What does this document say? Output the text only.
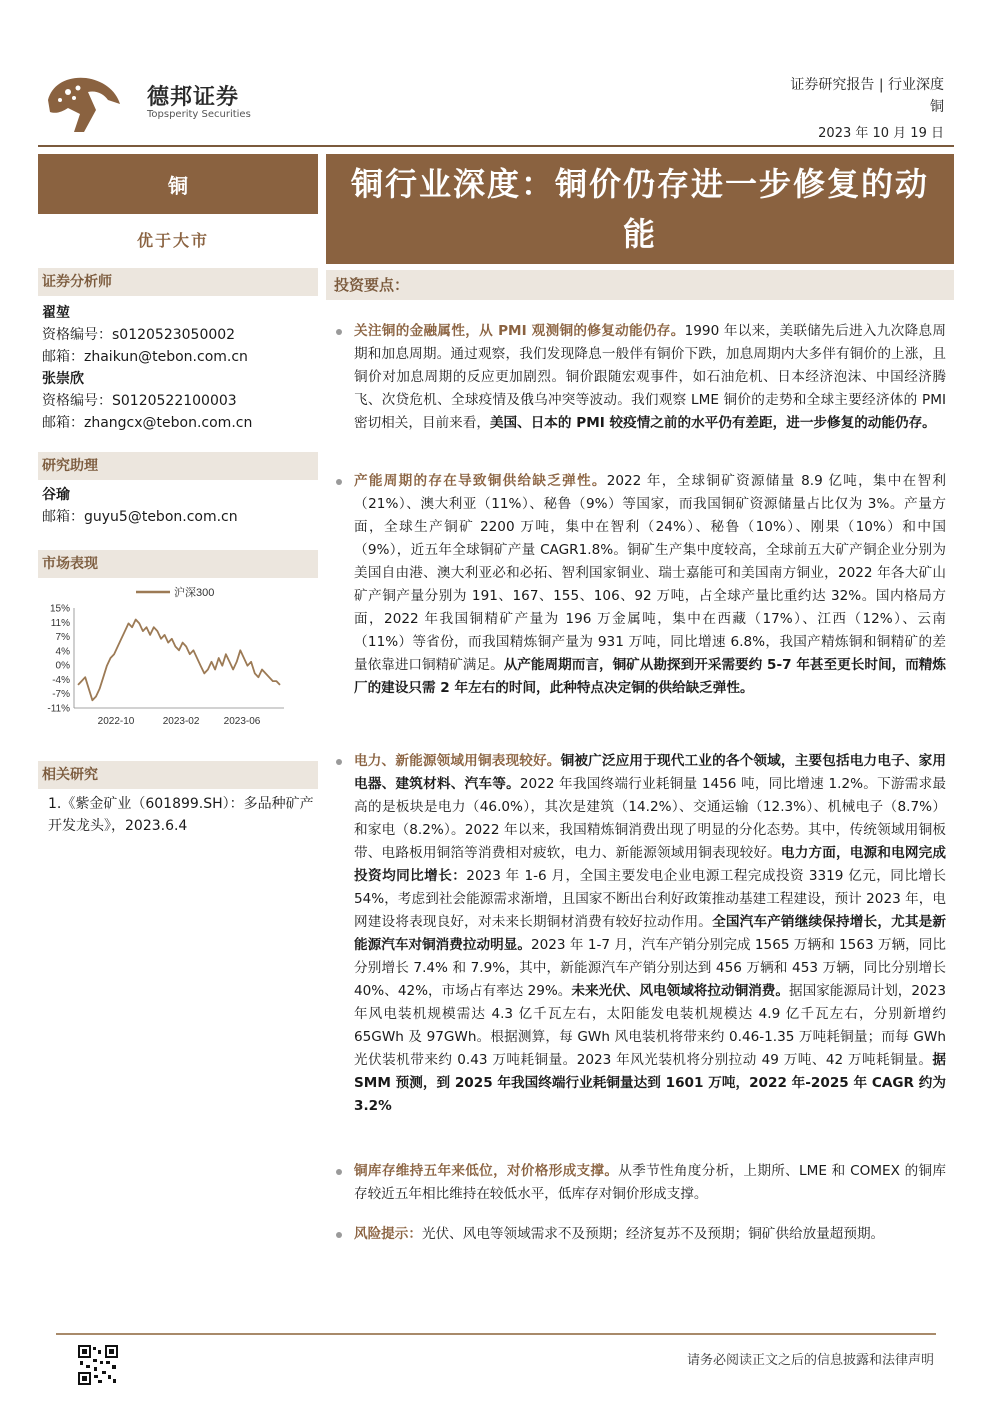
德邦证券
Topsperity Securities
证券研究报告 | 行业深度
铜
2023 年 10 月 19 日
铜
优于大市
证券分析师
翟堃
资格编号：s0120523050002
邮箱：zhaikun@tebon.com.cn
张崇欣
资格编号：S0120522100003
邮箱：zhangcx@tebon.com.cn
研究助理
谷瑜
邮箱：guyu5@tebon.com.cn
市场表现
15%
11%
7%
4%
0%
-4%
-7%
-11%
2022-10	2023-02 2023-06
沪深300
相关研究
1.《紫金矿业（601899.SH）：多品种矿产开发龙头》，2023.6.4
铜行业深度：铜价仍存进一步修复的动能
投资要点：

关注铜的金融属性，从 PMI 观测铜的修复动能仍存。1990 年以来，美联储先后进入九次降息周期和加息周期。通过观察，我们发现降息一般伴有铜价下跌，加息周期内大多伴有铜价的上涨，且铜价对加息周期的反应更加剧烈。铜价跟随宏观事件，如石油危机、日本经济泡沫、中国经济腾飞、次贷危机、全球疫情及俄乌冲突等波动。我们观察 LME 铜价的走势和全球主要经济体的 PMI 密切相关，目前来看，美国、日本的 PMI 较疫情之前的水平仍有差距，进一步修复的动能仍存。

产能周期的存在导致铜供给缺乏弹性。2022 年，全球铜矿资源储量 8.9 亿吨，集中在智利（21%）、澳大利亚（11%）、秘鲁（9%）等国家，而我国铜矿资源储量占比仅为 3%。产量方面，全球生产铜矿 2200 万吨，集中在智利（24%）、秘鲁（10%）、刚果（10%）和中国（9%），近五年全球铜矿产量 CAGR1.8%。铜矿生产集中度较高，全球前五大矿产铜企业分别为美国自由港、澳大利亚必和必拓、智利国家铜业、瑞士嘉能可和美国南方铜业，2022 年各大矿山矿产铜产量分别为 191、167、155、106、92 万吨，占全球产量比重约达 32%。国内格局方面，2022 年我国铜精矿产量为 196 万金属吨，集中在西藏（17%）、江西（12%）、云南（11%）等省份，而我国精炼铜产量为 931 万吨，同比增速 6.8%，我国产精炼铜和铜精矿的差量依靠进口铜精矿满足。从产能周期而言，铜矿从勘探到开采需要约 5-7 年甚至更长时间，而精炼厂的建设只需 2 年左右的时间，此种特点决定铜的供给缺乏弹性。

电力、新能源领域用铜表现较好。铜被广泛应用于现代工业的各个领域，主要包括电力电子、家用电器、建筑材料、汽车等。2022 年我国终端行业耗铜量 1456 吨，同比增速 1.2%。下游需求最高的是板块是电力（46.0%），其次是建筑（14.2%）、交通运输（12.3%）、机械电子（8.7%）和家电（8.2%）。2022 年以来，我国精炼铜消费出现了明显的分化态势。其中，传统领域用铜板带、电路板用铜箔等消费相对疲软，电力、新能源领域用铜表现较好。电力方面，电源和电网完成投资均同比增长：2023 年 1-6 月，全国主要发电企业电源工程完成投资 3319 亿元，同比增长 54%，考虑到社会能源需求渐增，且国家不断出台利好政策推动基建工程建设，预计 2023 年，电网建设将表现良好，对未来长期铜材消费有较好拉动作用。全国汽车产销继续保持增长，尤其是新能源汽车对铜消费拉动明显。2023 年 1-7 月，汽车产销分别完成 1565 万辆和 1563 万辆，同比分别增长 7.4% 和 7.9%，其中，新能源汽车产销分别达到 456 万辆和 453 万辆，同比分别增长 40%、42%，市场占有率达 29%。未来光伏、风电领域将拉动铜消费。据国家能源局计划，2023 年风电装机规模需达 4.3 亿千瓦左右，太阳能发电装机规模达 4.9 亿千瓦左右，分别新增约 65GWh 及 97GWh。根据测算，每 GWh 风电装机将带来约 0.46-1.35 万吨耗铜量；而每 GWh 光伏装机带来约 0.43 万吨耗铜量。2023 年风光装机将分别拉动 49 万吨、42 万吨耗铜量。据 SMM 预测，到 2025 年我国终端行业耗铜量达到 1601 万吨，2022 年-2025 年 CAGR 约为 3.2%

铜库存维持五年来低位，对价格形成支撑。从季节性角度分析，上期所、LME 和 COMEX 的铜库存较近五年相比维持在较低水平，低库存对铜价形成支撑。

风险提示：光伏、风电等领域需求不及预期；经济复苏不及预期；铜矿供给放量超预期。

请务必阅读正文之后的信息披露和法律声明
